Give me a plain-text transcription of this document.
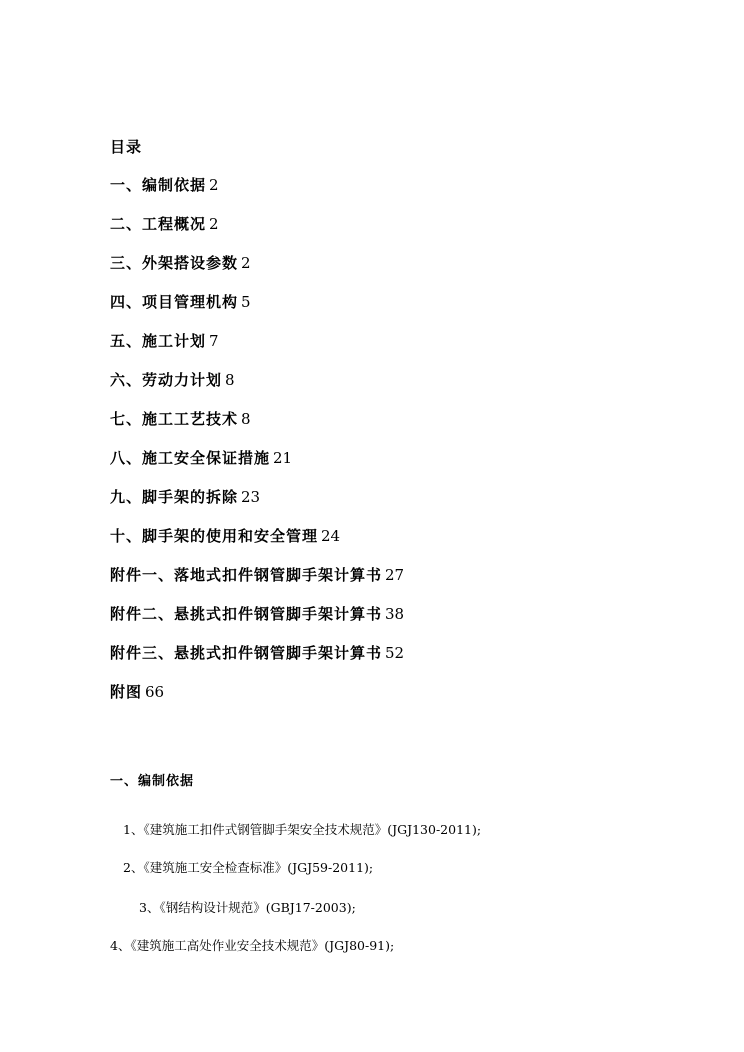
目录
一、编制依据 2
二、工程概况 2
三、外架搭设参数 2
四、项目管理机构 5
五、施工计划 7
六、劳动力计划 8
七、施工工艺技术 8
八、施工安全保证措施 21
九、脚手架的拆除 23
十、脚手架的使用和安全管理 24
附件一、落地式扣件钢管脚手架计算书 27
附件二、悬挑式扣件钢管脚手架计算书 38
附件三、悬挑式扣件钢管脚手架计算书 52
附图 66
一、编制依据
1、《建筑施工扣件式钢管脚手架安全技术规范》(JGJ130-2011);
2、《建筑施工安全检查标准》(JGJ59-2011);
3、《钢结构设计规范》(GBJ17-2003);
4、《建筑施工高处作业安全技术规范》(JGJ80-91);
